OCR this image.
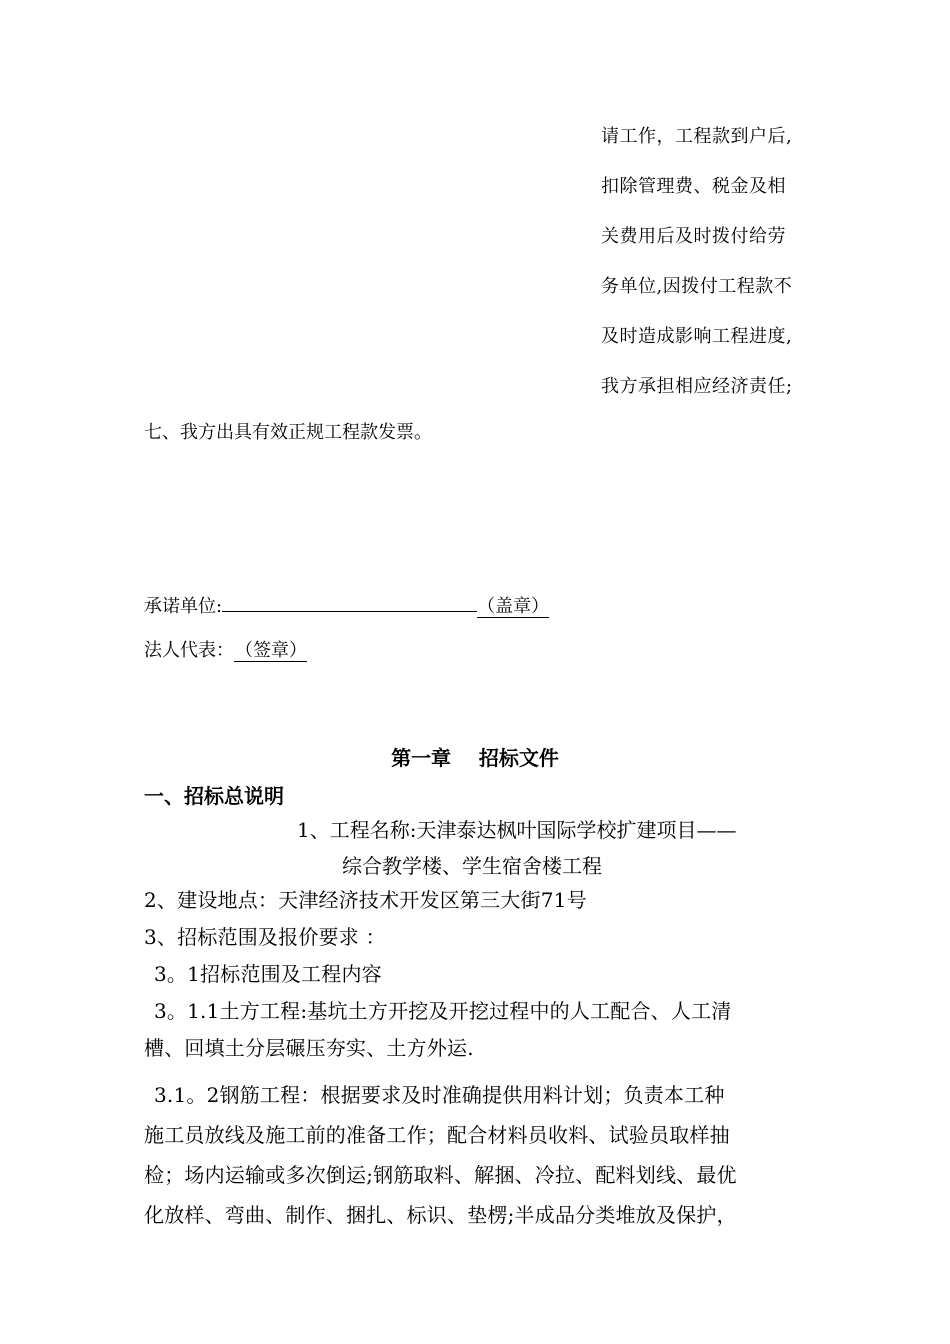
请工作，工程款到户后,
扣除管理费、税金及相
关费用后及时拨付给劳
务单位,因拨付工程款不
及时造成影响工程进度,
我方承担相应经济责任;
七、我方出具有效正规工程款发票。
承诺单位:	（盖章）
法人代表： （签章）
第一章    招标文件
一、招标总说明
1、工程名称:天津泰达枫叶国际学校扩建项目——
综合教学楼、学生宿舍楼工程
2、建设地点：天津经济技术开发区第三大街71号
3、招标范围及报价要求 ：
3。1招标范围及工程内容
3。1.1土方工程:基坑土方开挖及开挖过程中的人工配合、人工清
槽、回填土分层碾压夯实、土方外运.
3.1。2钢筋工程：根据要求及时准确提供用料计划；负责本工种
施工员放线及施工前的准备工作；配合材料员收料、试验员取样抽
检；场内运输或多次倒运;钢筋取料、解捆、冷拉、配料划线、最优
化放样、弯曲、制作、捆扎、标识、垫楞;半成品分类堆放及保护，
